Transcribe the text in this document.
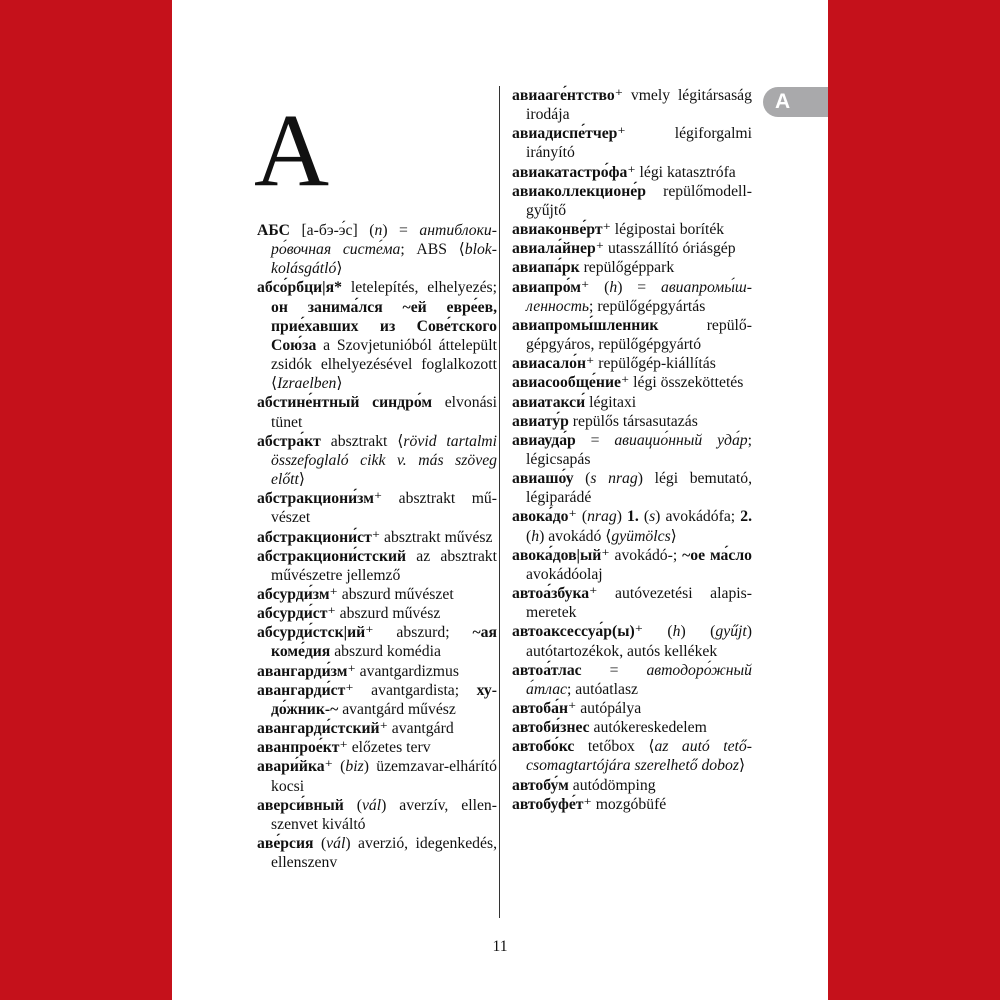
A
A

АБС [а-бэ-э́с] (n) = антиблокиро́вочная систе́ма; ABS ⟨blokkolásgátló⟩

абсо́рбци|я* letelepítés, elhelyezés; он занима́лся ~ей евре́ев, прие́хавших из Сове́тского Сою́за a Szovjetunióból áttelepült zsidók elhelyezésével foglalkozott ⟨Izraelben⟩

абстине́нтный синдро́м elvonási tünet

абстра́кт absztrakt ⟨rövid tartalmi összefoglaló cikk v. más szöveg előtt⟩

абстракциони́зм⁺ absztrakt művészet

абстракциони́ст⁺ absztrakt művész

абстракциони́стский az absztrakt művészetre jellemző

абсурди́зм⁺ abszurd művészet

абсурди́ст⁺ abszurd művész

абсурди́стск|ий⁺ abszurd; ~ая коме́дия abszurd komédia

авангарди́зм⁺ avantgardizmus

авангарди́ст⁺ avantgardista; худо́жник-~ avantgárd művész

авангарди́стский⁺ avantgárd

аванпрое́кт⁺ előzetes terv

авари́йка⁺ (biz) üzemzavar-elhárító kocsi

аверси́вный (vál) averzív, ellenszenvet kiváltó

аве́рсия (vál) averzió, idegenkedés, ellenszenv

авиааге́нтство⁺ vmely légitársaság irodája

авиадиспе́тчер⁺ légiforgalmi irányító

авиакатастро́фа⁺ légi katasztrófa

авиаколлекционе́р repülőmodell-gyűjtő

авиаконве́рт⁺ légipostai boríték

авиала́йнер⁺ utasszállító óriásgép

авиапа́рк repülőgéppark

авиапро́м⁺ (h) = авиапромы́шленность; repülőgépgyártás

авиапромы́шленник repülőgépgyáros, repülőgépgyártó

авиасало́н⁺ repülőgép-kiállítás

авиасообще́ние⁺ légi összeköttetés

авиатакси́ légitaxi

авиату́р repülős társasutazás

авиауда́р = авиацио́нный уда́р; légicsapás

авиашо́у (s nrag) légi bemutató, légiparádé

авока́до⁺ (nrag) 1. (s) avokádófa; 2. (h) avokádó ⟨gyümölcs⟩

авока́дов|ый⁺ avokádó-; ~ое ма́сло avokádóolaj

автоа́збука⁺ autóvezetési alapismeretek

автоаксессуа́р(ы)⁺ (h) (gyűjt) autótartozékok, autós kellékek

автоа́тлас = автодоро́жный а́тлас; autóatlasz

автоба́н⁺ autópálya

автоби́знес autókereskedelem

автобо́кс tetőbox ⟨az autó tetőcsomagtartójára szerelhető doboz⟩

автобу́м autódömping

автобуфе́т⁺ mozgóbüfé

11
